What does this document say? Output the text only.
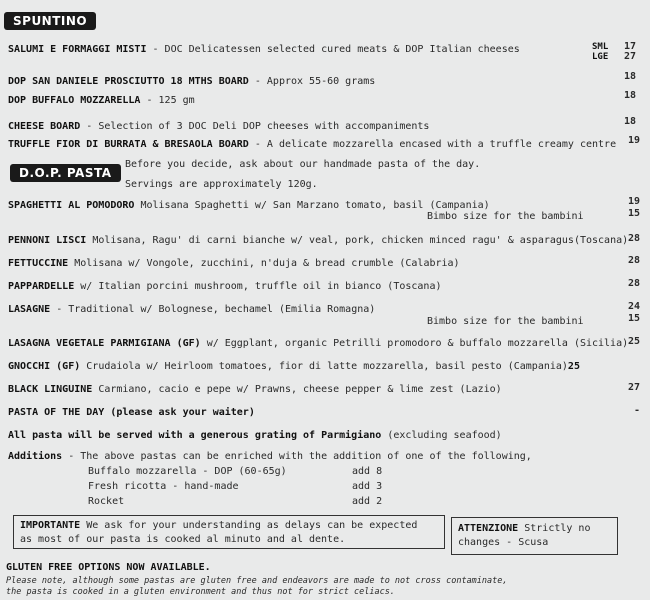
SPUNTINO
SALUMI E FORMAGGI MISTI - DOC Delicatessen selected cured meats & DOP Italian cheeses	SML	17
LGE	27
DOP SAN DANIELE PROSCIUTTO 18 MTHS BOARD - Approx 55-60 grams	18
DOP BUFFALO MOZZARELLA - 125 gm	18
CHEESE BOARD - Selection of 3 DOC Deli DOP cheeses with accompaniments	18
TRUFFLE FIOR DI BURRATA & BRESAOLA BOARD - A delicate mozzarella encased with a truffle creamy centre	19
D.O.P. PASTA
Before you decide, ask about our handmade pasta of the day.
Servings are approximately 120g.
SPAGHETTI AL POMODORO Molisana Spaghetti w/ San Marzano tomato, basil (Campania)	19
Bimbo size for the bambini	15
PENNONI LISCI Molisana, Ragu' di carni bianche w/ veal, pork, chicken minced ragu' & asparagus(Toscana) 28
FETTUCCINE Molisana w/ Vongole, zucchini, n'duja & bread crumble (Calabria)	28
PAPPARDELLE w/ Italian porcini mushroom, truffle oil in bianco (Toscana)	28
LASAGNE - Traditional w/ Bolognese, bechamel (Emilia Romagna)	24
Bimbo size for the bambini	15
LASAGNA VEGETALE PARMIGIANA (GF) w/ Eggplant, organic Petrilli promodoro & buffalo mozzarella (Sicilia) 25
GNOCCHI (GF) Crudaiola w/ Heirloom tomatoes, fior di latte mozzarella, basil pesto (Campania)25
BLACK LINGUINE Carmiano, cacio e pepe w/ Prawns, cheese pepper & lime zest (Lazio)	27
PASTA OF THE DAY (please ask your waiter)	-
All pasta will be served with a generous grating of Parmigiano (excluding seafood)
Additions - The above pastas can be enriched with the addition of one of the following,
Buffalo mozzarella - DOP (60-65g)	add 8
Fresh ricotta - hand-made	add 3
Rocket	add 2
IMPORTANTE We ask for your understanding as delays can be expected
as most of our pasta is cooked al minuto and al dente.
ATTENZIONE Strictly no
changes - Scusa
GLUTEN FREE OPTIONS NOW AVAILABLE.
Please note, although some pastas are gluten free and endeavors are made to not cross contaminate,
the pasta is cooked in a gluten environment and thus not for strict celiacs.
